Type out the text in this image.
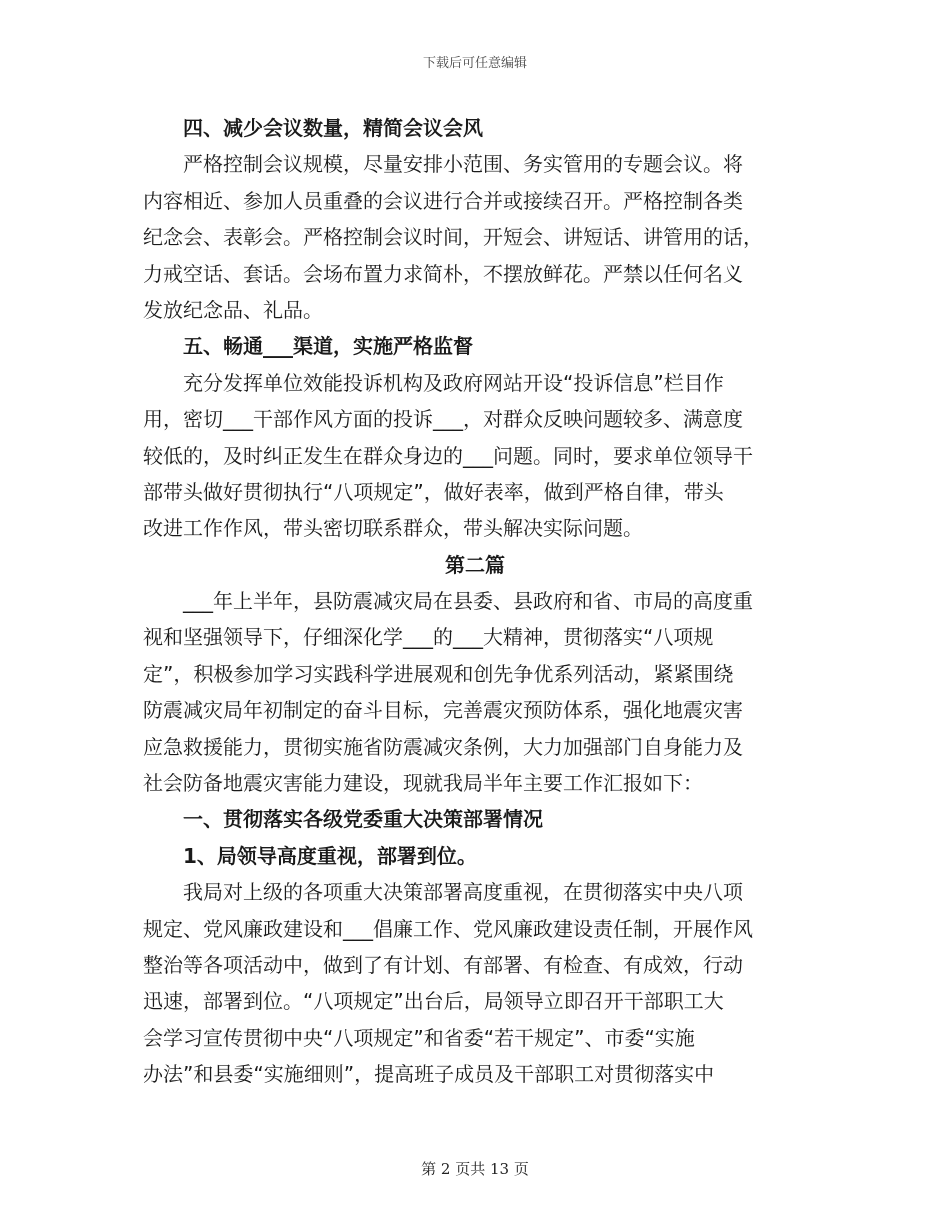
下载后可任意编辑
四、减少会议数量，精简会议会风
严格控制会议规模，尽量安排小范围、务实管用的专题会议。将
内容相近、参加人员重叠的会议进行合并或接续召开。严格控制各类
纪念会、表彰会。严格控制会议时间，开短会、讲短话、讲管用的话，
力戒空话、套话。会场布置力求简朴，不摆放鲜花。严禁以任何名义
发放纪念品、礼品。
五、畅通___渠道，实施严格监督
充分发挥单位效能投诉机构及政府网站开设“投诉信息”栏目作
用，密切___干部作风方面的投诉___，对群众反映问题较多、满意度
较低的，及时纠正发生在群众身边的___问题。同时，要求单位领导干
部带头做好贯彻执行“八项规定”，做好表率，做到严格自律，带头
改进工作作风，带头密切联系群众，带头解决实际问题。
第二篇
___年上半年，县防震减灾局在县委、县政府和省、市局的高度重
视和坚强领导下，仔细深化学___的___大精神，贯彻落实“八项规
定”，积极参加学习实践科学进展观和创先争优系列活动，紧紧围绕
防震减灾局年初制定的奋斗目标，完善震灾预防体系，强化地震灾害
应急救援能力，贯彻实施省防震减灾条例，大力加强部门自身能力及
社会防备地震灾害能力建设，现就我局半年主要工作汇报如下：
一、贯彻落实各级党委重大决策部署情况
1、局领导高度重视，部署到位。
我局对上级的各项重大决策部署高度重视，在贯彻落实中央八项
规定、党风廉政建设和___倡廉工作、党风廉政建设责任制，开展作风
整治等各项活动中，做到了有计划、有部署、有检查、有成效，行动
迅速，部署到位。“八项规定”出台后，局领导立即召开干部职工大
会学习宣传贯彻中央“八项规定”和省委“若干规定”、市委“实施
办法”和县委“实施细则”，提高班子成员及干部职工对贯彻落实中
第 2 页共 13 页
